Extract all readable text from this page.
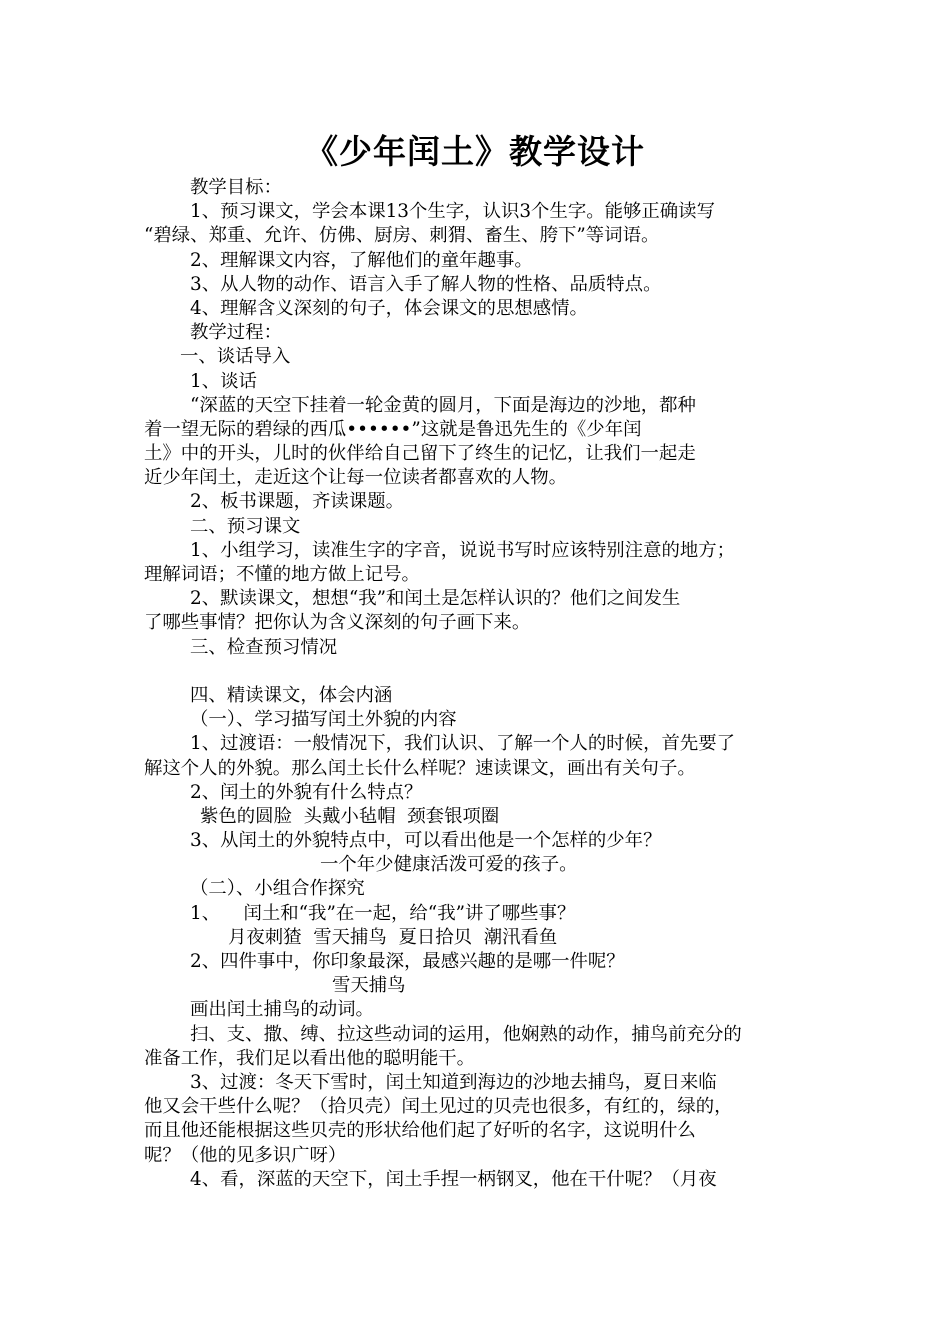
《少年闰土》教学设计
教学目标：
1、预习课文，学会本课13个生字，认识3个生字。能够正确读写
“碧绿、郑重、允许、仿佛、厨房、刺猬、畜生、胯下”等词语。
2、理解课文内容，了解他们的童年趣事。
3、从人物的动作、语言入手了解人物的性格、品质特点。
4、理解含义深刻的句子，体会课文的思想感情。
教学过程：
一、谈话导入
1、谈话
“深蓝的天空下挂着一轮金黄的圆月，下面是海边的沙地，都种
着一望无际的碧绿的西瓜••••••”这就是鲁迅先生的《少年闰
土》中的开头，儿时的伙伴给自己留下了终生的记忆，让我们一起走
近少年闰土，走近这个让每一位读者都喜欢的人物。
2、板书课题，齐读课题。
二、预习课文
1、小组学习，读准生字的字音，说说书写时应该特别注意的地方；
理解词语；不懂的地方做上记号。
2、默读课文，想想“我”和闰土是怎样认识的？他们之间发生
了哪些事情？把你认为含义深刻的句子画下来。
三、检查预习情况
四、精读课文，体会内涵
（一）、学习描写闰土外貌的内容
1、过渡语：一般情况下，我们认识、了解一个人的时候，首先要了
解这个人的外貌。那么闰土长什么样呢？速读课文，画出有关句子。
2、闰土的外貌有什么特点？
紫色的圆脸  头戴小毡帽  颈套银项圈
3、从闰土的外貌特点中，可以看出他是一个怎样的少年？
一个年少健康活泼可爱的孩子。
（二）、小组合作探究
1、    闰土和“我”在一起，给“我”讲了哪些事？
月夜刺猹  雪天捕鸟  夏日拾贝  潮汛看鱼
2、四件事中，你印象最深，最感兴趣的是哪一件呢？
雪天捕鸟
画出闰土捕鸟的动词。
扫、支、撒、缚、拉这些动词的运用，他娴熟的动作，捕鸟前充分的
准备工作，我们足以看出他的聪明能干。
3、过渡：冬天下雪时，闰土知道到海边的沙地去捕鸟，夏日来临
他又会干些什么呢？（拾贝壳）闰土见过的贝壳也很多，有红的，绿的，
而且他还能根据这些贝壳的形状给他们起了好听的名字，这说明什么
呢？（他的见多识广呀）
4、看，深蓝的天空下，闰土手捏一柄钢叉，他在干什呢？（月夜
